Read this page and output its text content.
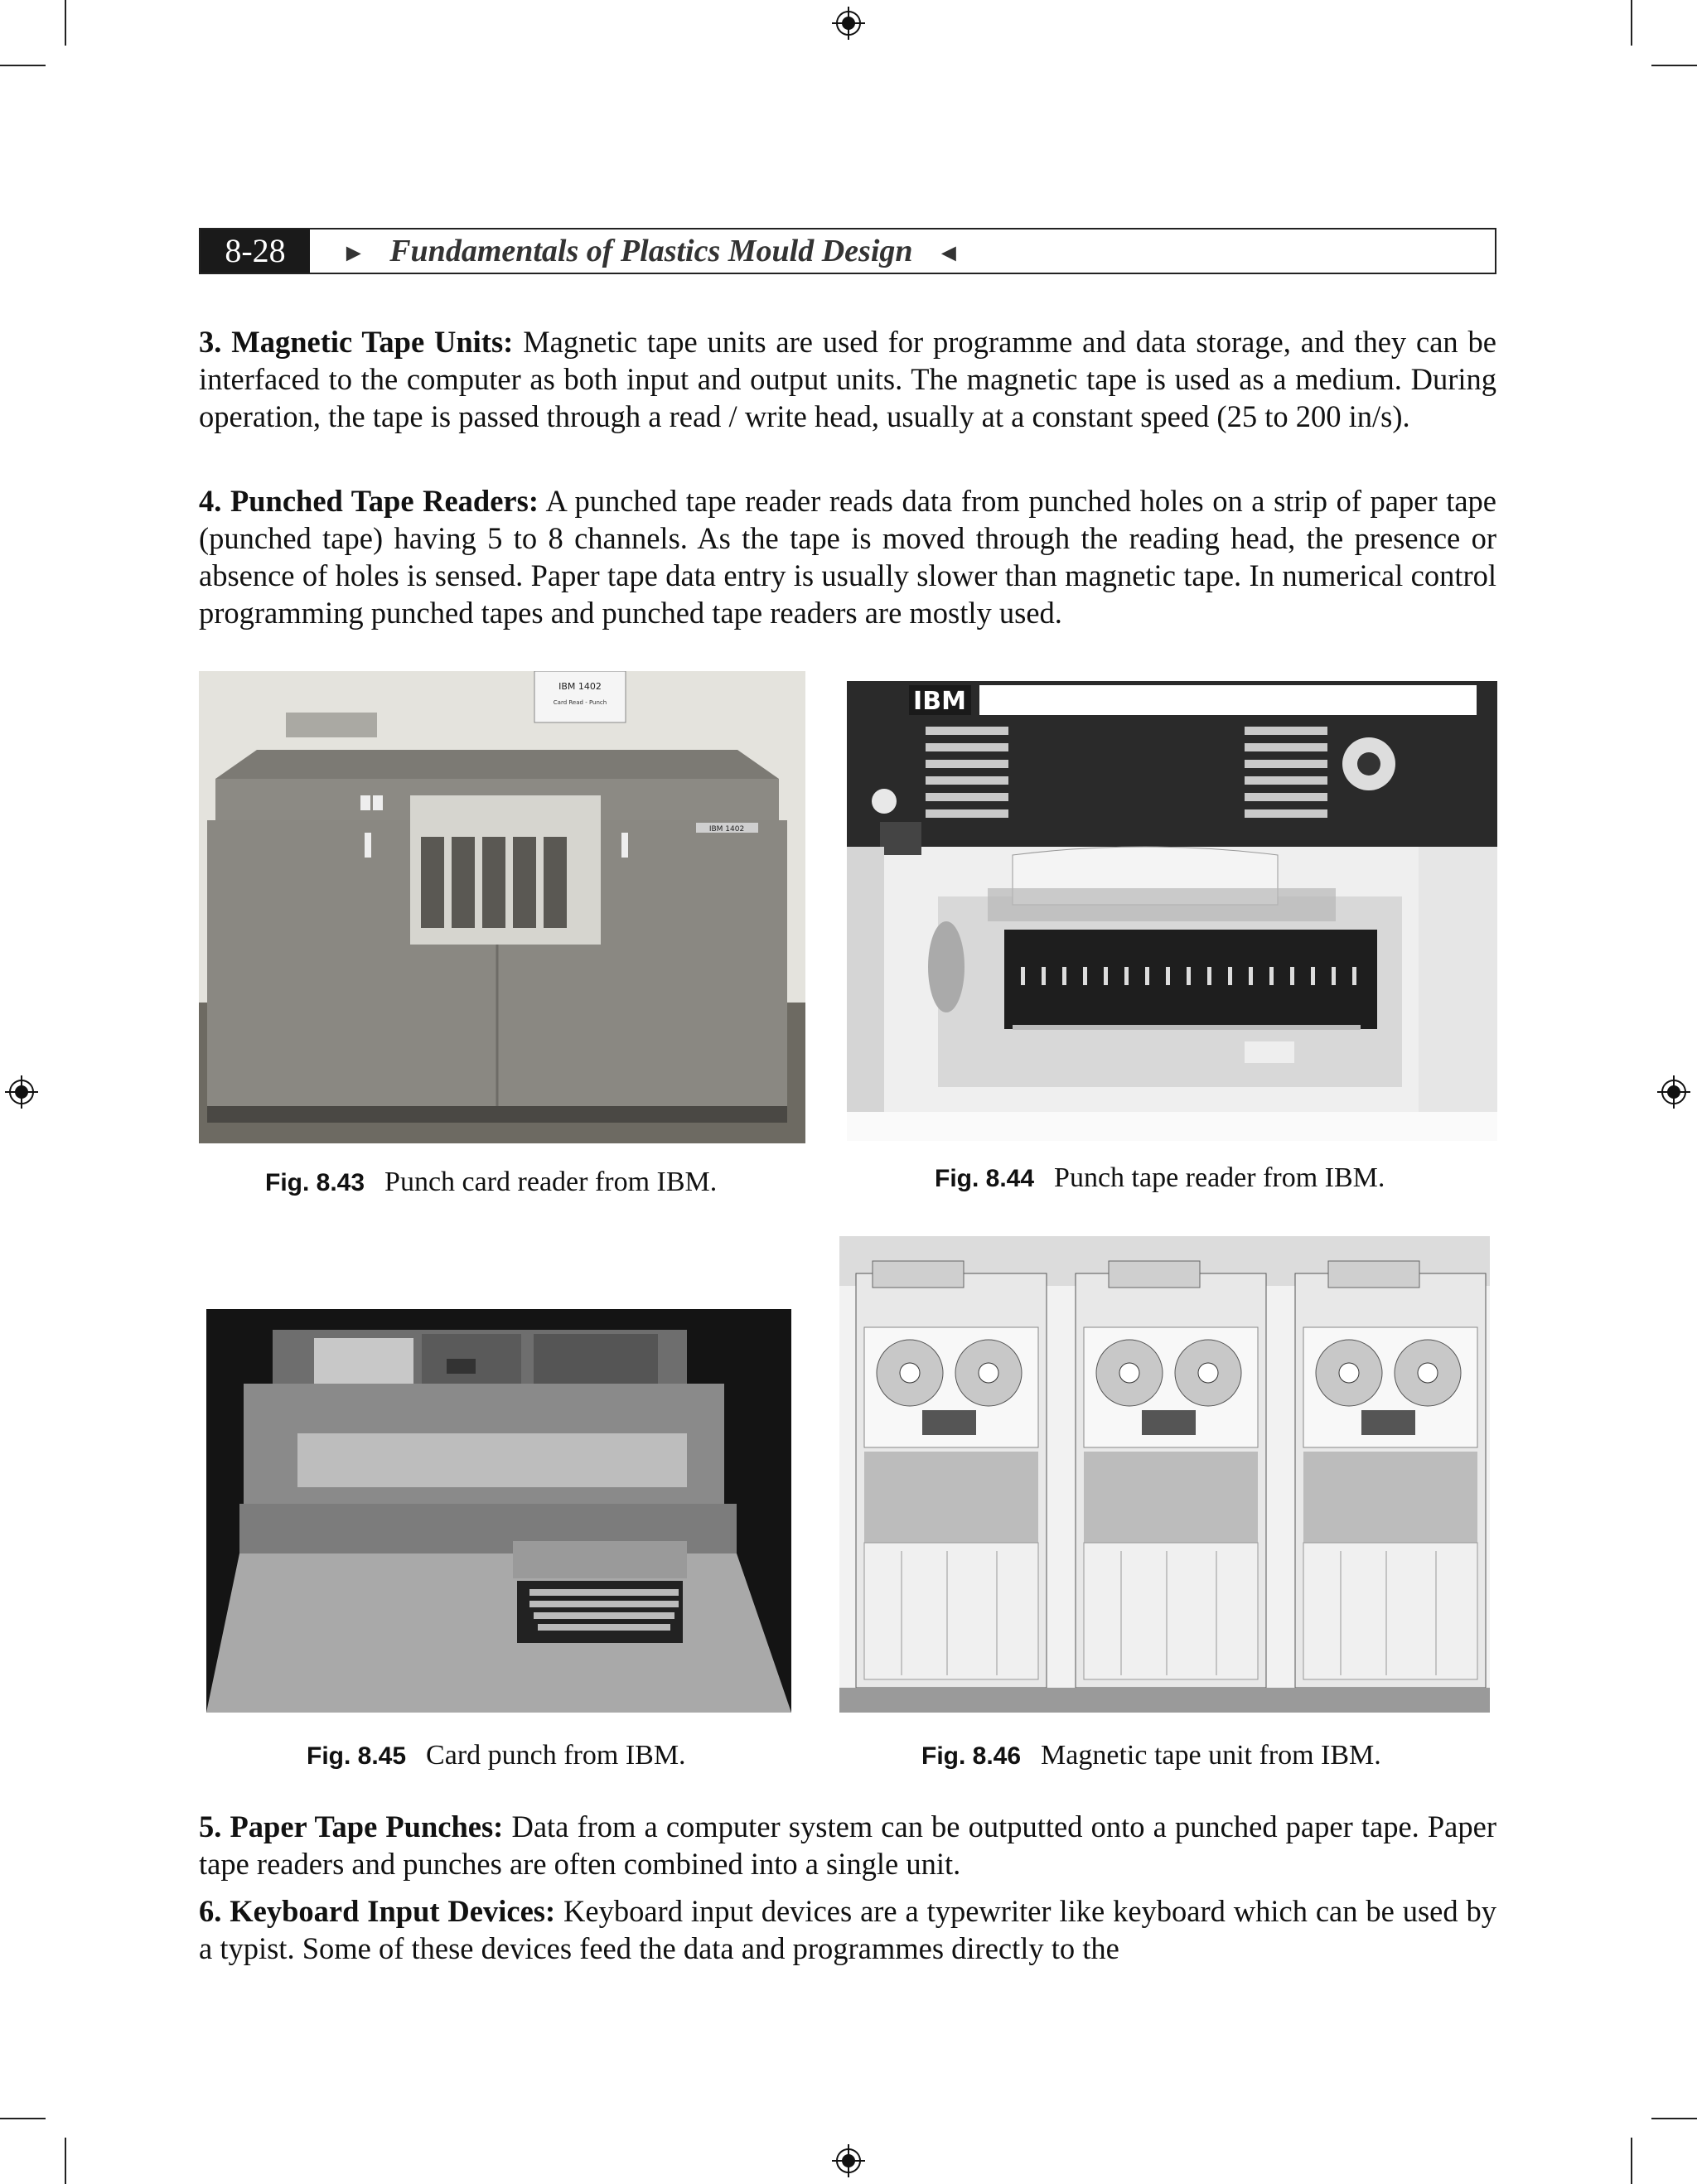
8-28	► Fundamentals of Plastics Mould Design ◄
3. Magnetic Tape Units: Magnetic tape units are used for programme and data storage, and they can be interfaced to the computer as both input and output units. The magnetic tape is used as a medium. During operation, the tape is passed through a read / write head, usually at a constant speed (25 to 200 in/s).
4. Punched Tape Readers: A punched tape reader reads data from punched holes on a strip of paper tape (punched tape) having 5 to 8 channels. As the tape is moved through the reading head, the presence or absence of holes is sensed. Paper tape data entry is usually slower than magnetic tape. In numerical control programming punched tapes and punched tape readers are mostly used.
IBM 1402
Card Read - Punch
IBM 1402
Fig. 8.43 Punch card reader from IBM.
IBM
Fig. 8.44 Punch tape reader from IBM.
Fig. 8.45 Card punch from IBM.	Fig. 8.46 Magnetic tape unit from IBM.
5. Paper Tape Punches: Data from a computer system can be outputted onto a punched paper tape. Paper tape readers and punches are often combined into a single unit.
6. Keyboard Input Devices: Keyboard input devices are a typewriter like keyboard which can be used by a typist. Some of these devices feed the data and programmes directly to the
